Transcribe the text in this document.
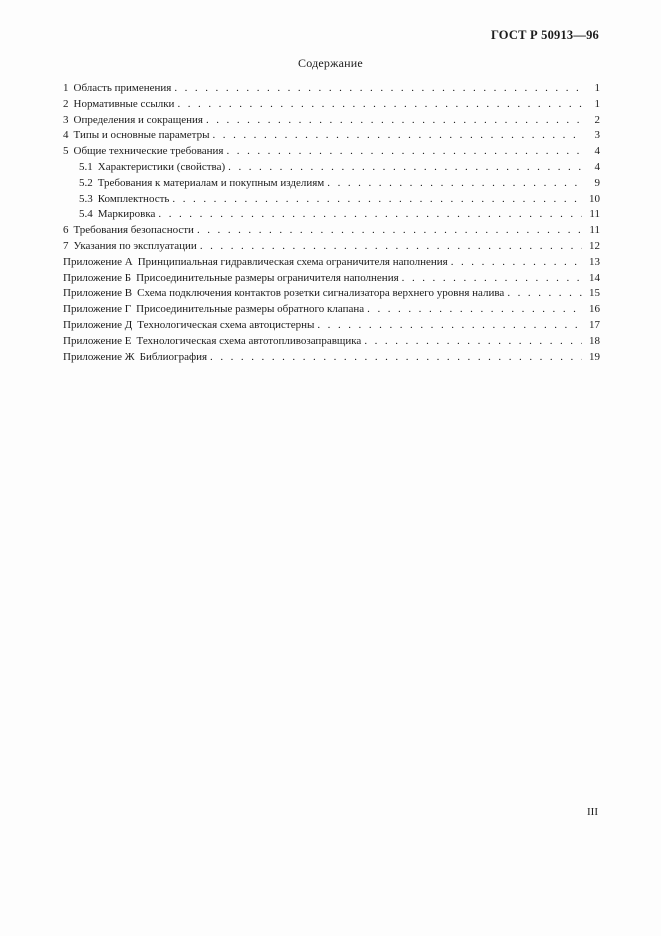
ГОСТ Р 50913—96
Содержание
1 Область применения . . .	1
2 Нормативные ссылки . . .	1
3 Определения и сокращения . . .	2
4 Типы и основные параметры . . .	3
5 Общие технические требования . . .	4
5.1 Характеристики (свойства) . . .	4
5.2 Требования к материалам и покупным изделиям . . .	9
5.3 Комплектность . . .	10
5.4 Маркировка . . .	11
6 Требования безопасности . . .	11
7 Указания по эксплуатации . . .	12
Приложение А Принципиальная гидравлическая схема ограничителя наполнения . . .	13
Приложение Б Присоединительные размеры ограничителя наполнения . . .	14
Приложение В Схема подключения контактов розетки сигнализатора верхнего уровня налива . . .	15
Приложение Г Присоединительные размеры обратного клапана . . .	16
Приложение Д Технологическая схема автоцистерны . . .	17
Приложение Е Технологическая схема автотопливозаправщика . . .	18
Приложение Ж Библиография . . .	19
III
